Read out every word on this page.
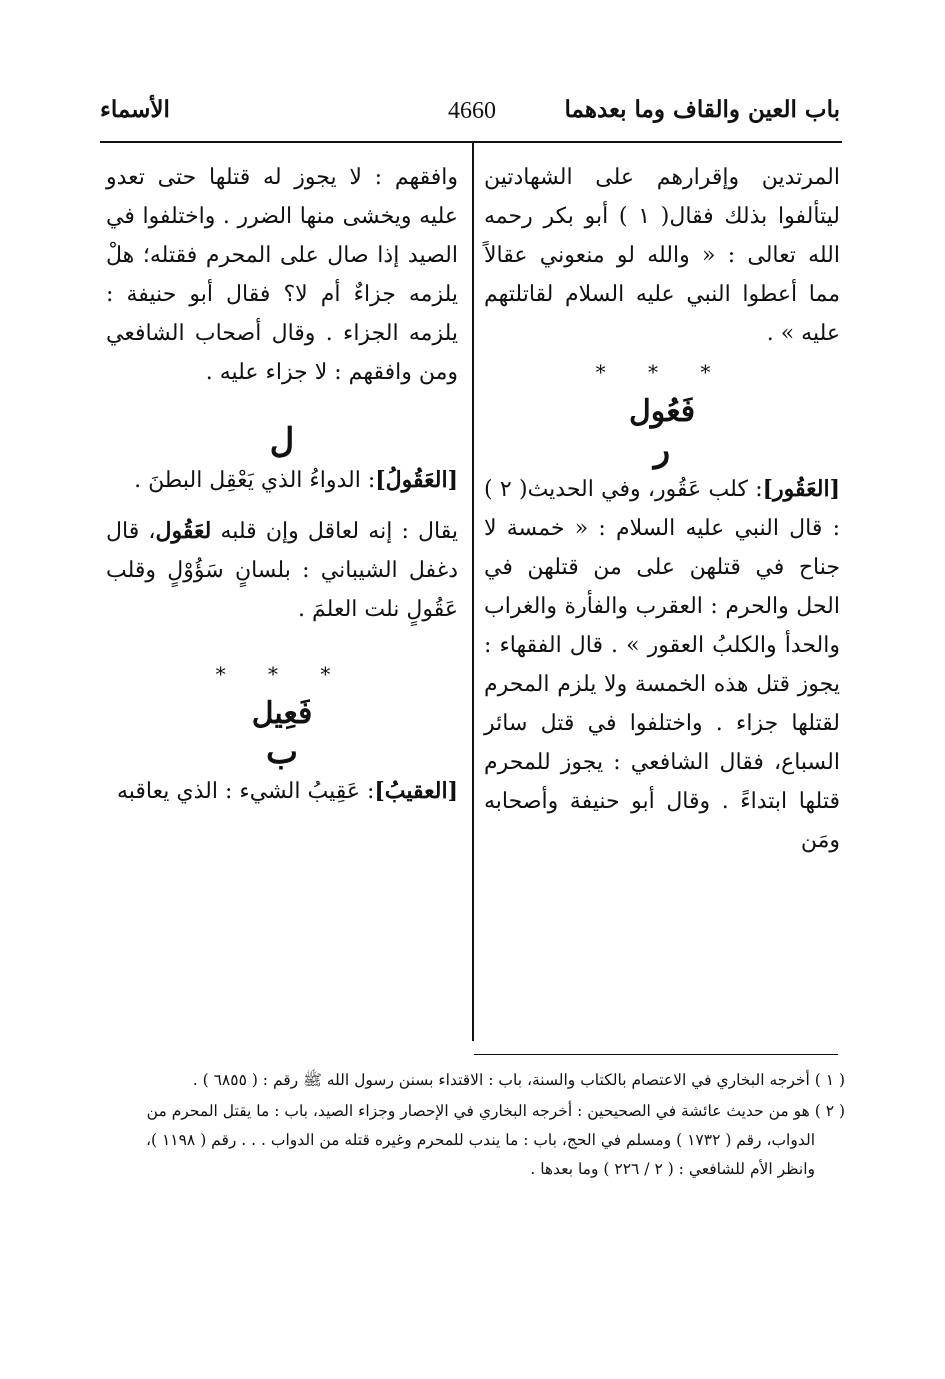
باب العين والقاف وما بعدهما
4660
الأسماء

المرتدين وإقرارهم على الشهادتين ليتألفوا بذلك فقال( ١ ) أبو بكر رحمه الله تعالى : « والله لو منعوني عقالاً مما أعطوا النبي عليه السلام لقاتلتهم عليه » .

* * *

فَعُول

ر

[العَقُور]: كلب عَقُور، وفي الحديث( ٢ ) : قال النبي عليه السلام : « خمسة لا جناح في قتلهن على من قتلهن في الحل والحرم : العقرب والفأرة والغراب والحدأ والكلبُ العقور » . قال الفقهاء : يجوز قتل هذه الخمسة ولا يلزم المحرم لقتلها جزاء . واختلفوا في قتل سائر السباع، فقال الشافعي : يجوز للمحرم قتلها ابتداءً . وقال أبو حنيفة وأصحابه ومَن

وافقهم : لا يجوز له قتلها حتى تعدو عليه ويخشى منها الضرر . واختلفوا في الصيد إذا صال على المحرم فقتله؛ هلْ يلزمه جزاءٌ أم لا؟ فقال أبو حنيفة : يلزمه الجزاء . وقال أصحاب الشافعي ومن وافقهم : لا جزاء عليه .

ل

[العَقُولُ]: الدواءُ الذي يَعْقِل البطنَ .

يقال : إنه لعاقل وإن قلبه لعَقُول، قال دغفل الشيباني : بلسانٍ سَؤُوْلٍ وقلب عَقُولٍ نلت العلمَ .

* * *

فَعِيل

ب

[العقيبُ]: عَقِيبُ الشيء : الذي يعاقبه

( ١ ) أخرجه البخاري في الاعتصام بالكتاب والسنة، باب : الاقتداء بسنن رسول الله ﷺ رقم : ( ٦٨٥٥ ) .
( ٢ ) هو من حديث عائشة في الصحيحين : أخرجه البخاري في الإحصار وجزاء الصيد، باب : ما يقتل المحرم من
الدواب، رقم ( ١٧٣٢ ) ومسلم في الحج، باب : ما يندب للمحرم وغيره قتله من الدواب . . . رقم ( ١١٩٨ )،
وانظر الأم للشافعي : ( ٢ / ٢٢٦ ) وما بعدها .
